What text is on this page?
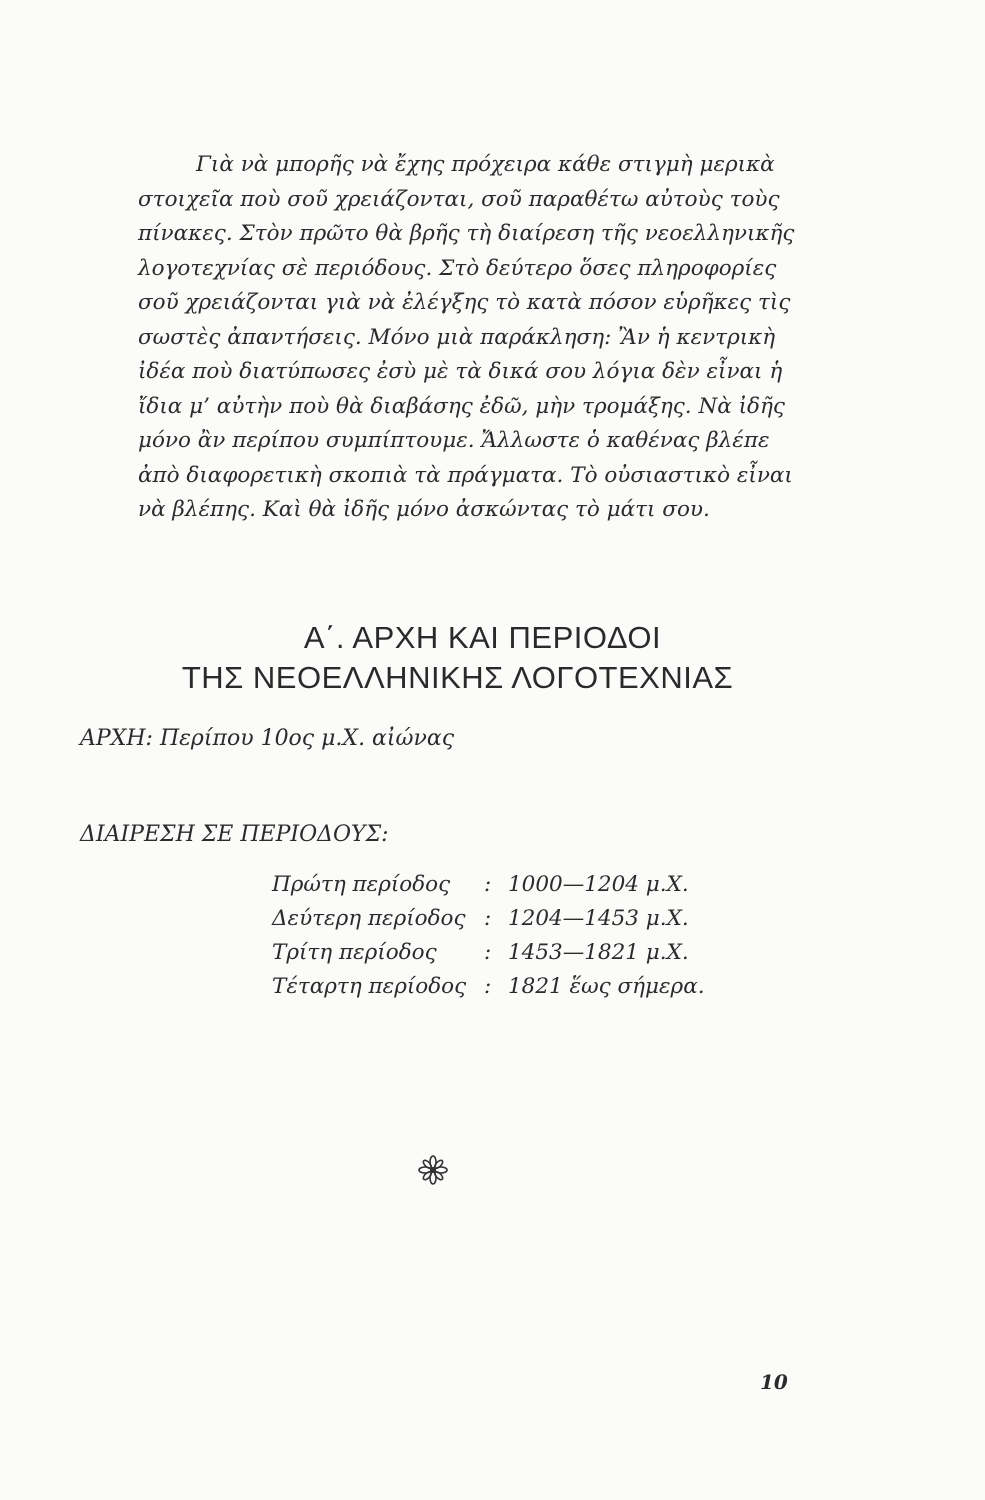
Γιὰ νὰ μπορῆς νὰ ἔχης πρόχειρα κάθε στιγμὴ μερικὰ
στοιχεῖα ποὺ σοῦ χρειάζονται, σοῦ παραθέτω αὐτοὺς τοὺς
πίνακες. Στὸν πρῶτο θὰ βρῆς τὴ διαίρεση τῆς νεοελληνικῆς
λογοτεχνίας σὲ περιόδους. Στὸ δεύτερο ὅσες πληροφορίες
σοῦ χρειάζονται γιὰ νὰ ἐλέγξης τὸ κατὰ πόσον εὑρῆκες τὶς
σωστὲς ἀπαντήσεις. Μόνο μιὰ παράκληση: Ἂν ἡ κεντρικὴ
ἰδέα ποὺ διατύπωσες ἐσὺ μὲ τὰ δικά σου λόγια δὲν εἶναι ἡ
ἴδια μ’ αὐτὴν ποὺ θὰ διαβάσης ἐδῶ, μὴν τρομάξης. Νὰ ἰδῆς
μόνο ἂν περίπου συμπίπτουμε. Ἄλλωστε ὁ καθένας βλέπε
ἀπὸ διαφορετικὴ σκοπιὰ τὰ πράγματα. Τὸ οὐσιαστικὸ εἶναι
νὰ βλέπης. Καὶ θὰ ἰδῆς μόνο ἀσκώντας τὸ μάτι σου.
Α΄. ΑΡΧΗ ΚΑΙ ΠΕΡΙΟΔΟΙ
ΤΗΣ ΝΕΟΕΛΛΗΝΙΚΗΣ ΛΟΓΟΤΕΧΝΙΑΣ
ΑΡΧΗ: Περίπου 10ος μ.Χ. αἰώνας
ΔΙΑΙΡΕΣΗ ΣΕ ΠΕΡΙΟΔΟΥΣ:
Πρώτη περίοδος	: 1000—1204 μ.Χ.
Δεύτερη περίοδος : 1204—1453 μ.Χ.
Τρίτη περίοδος	: 1453—1821 μ.Χ.
Τέταρτη περίοδος : 1821 ἕως σήμερα.
10
